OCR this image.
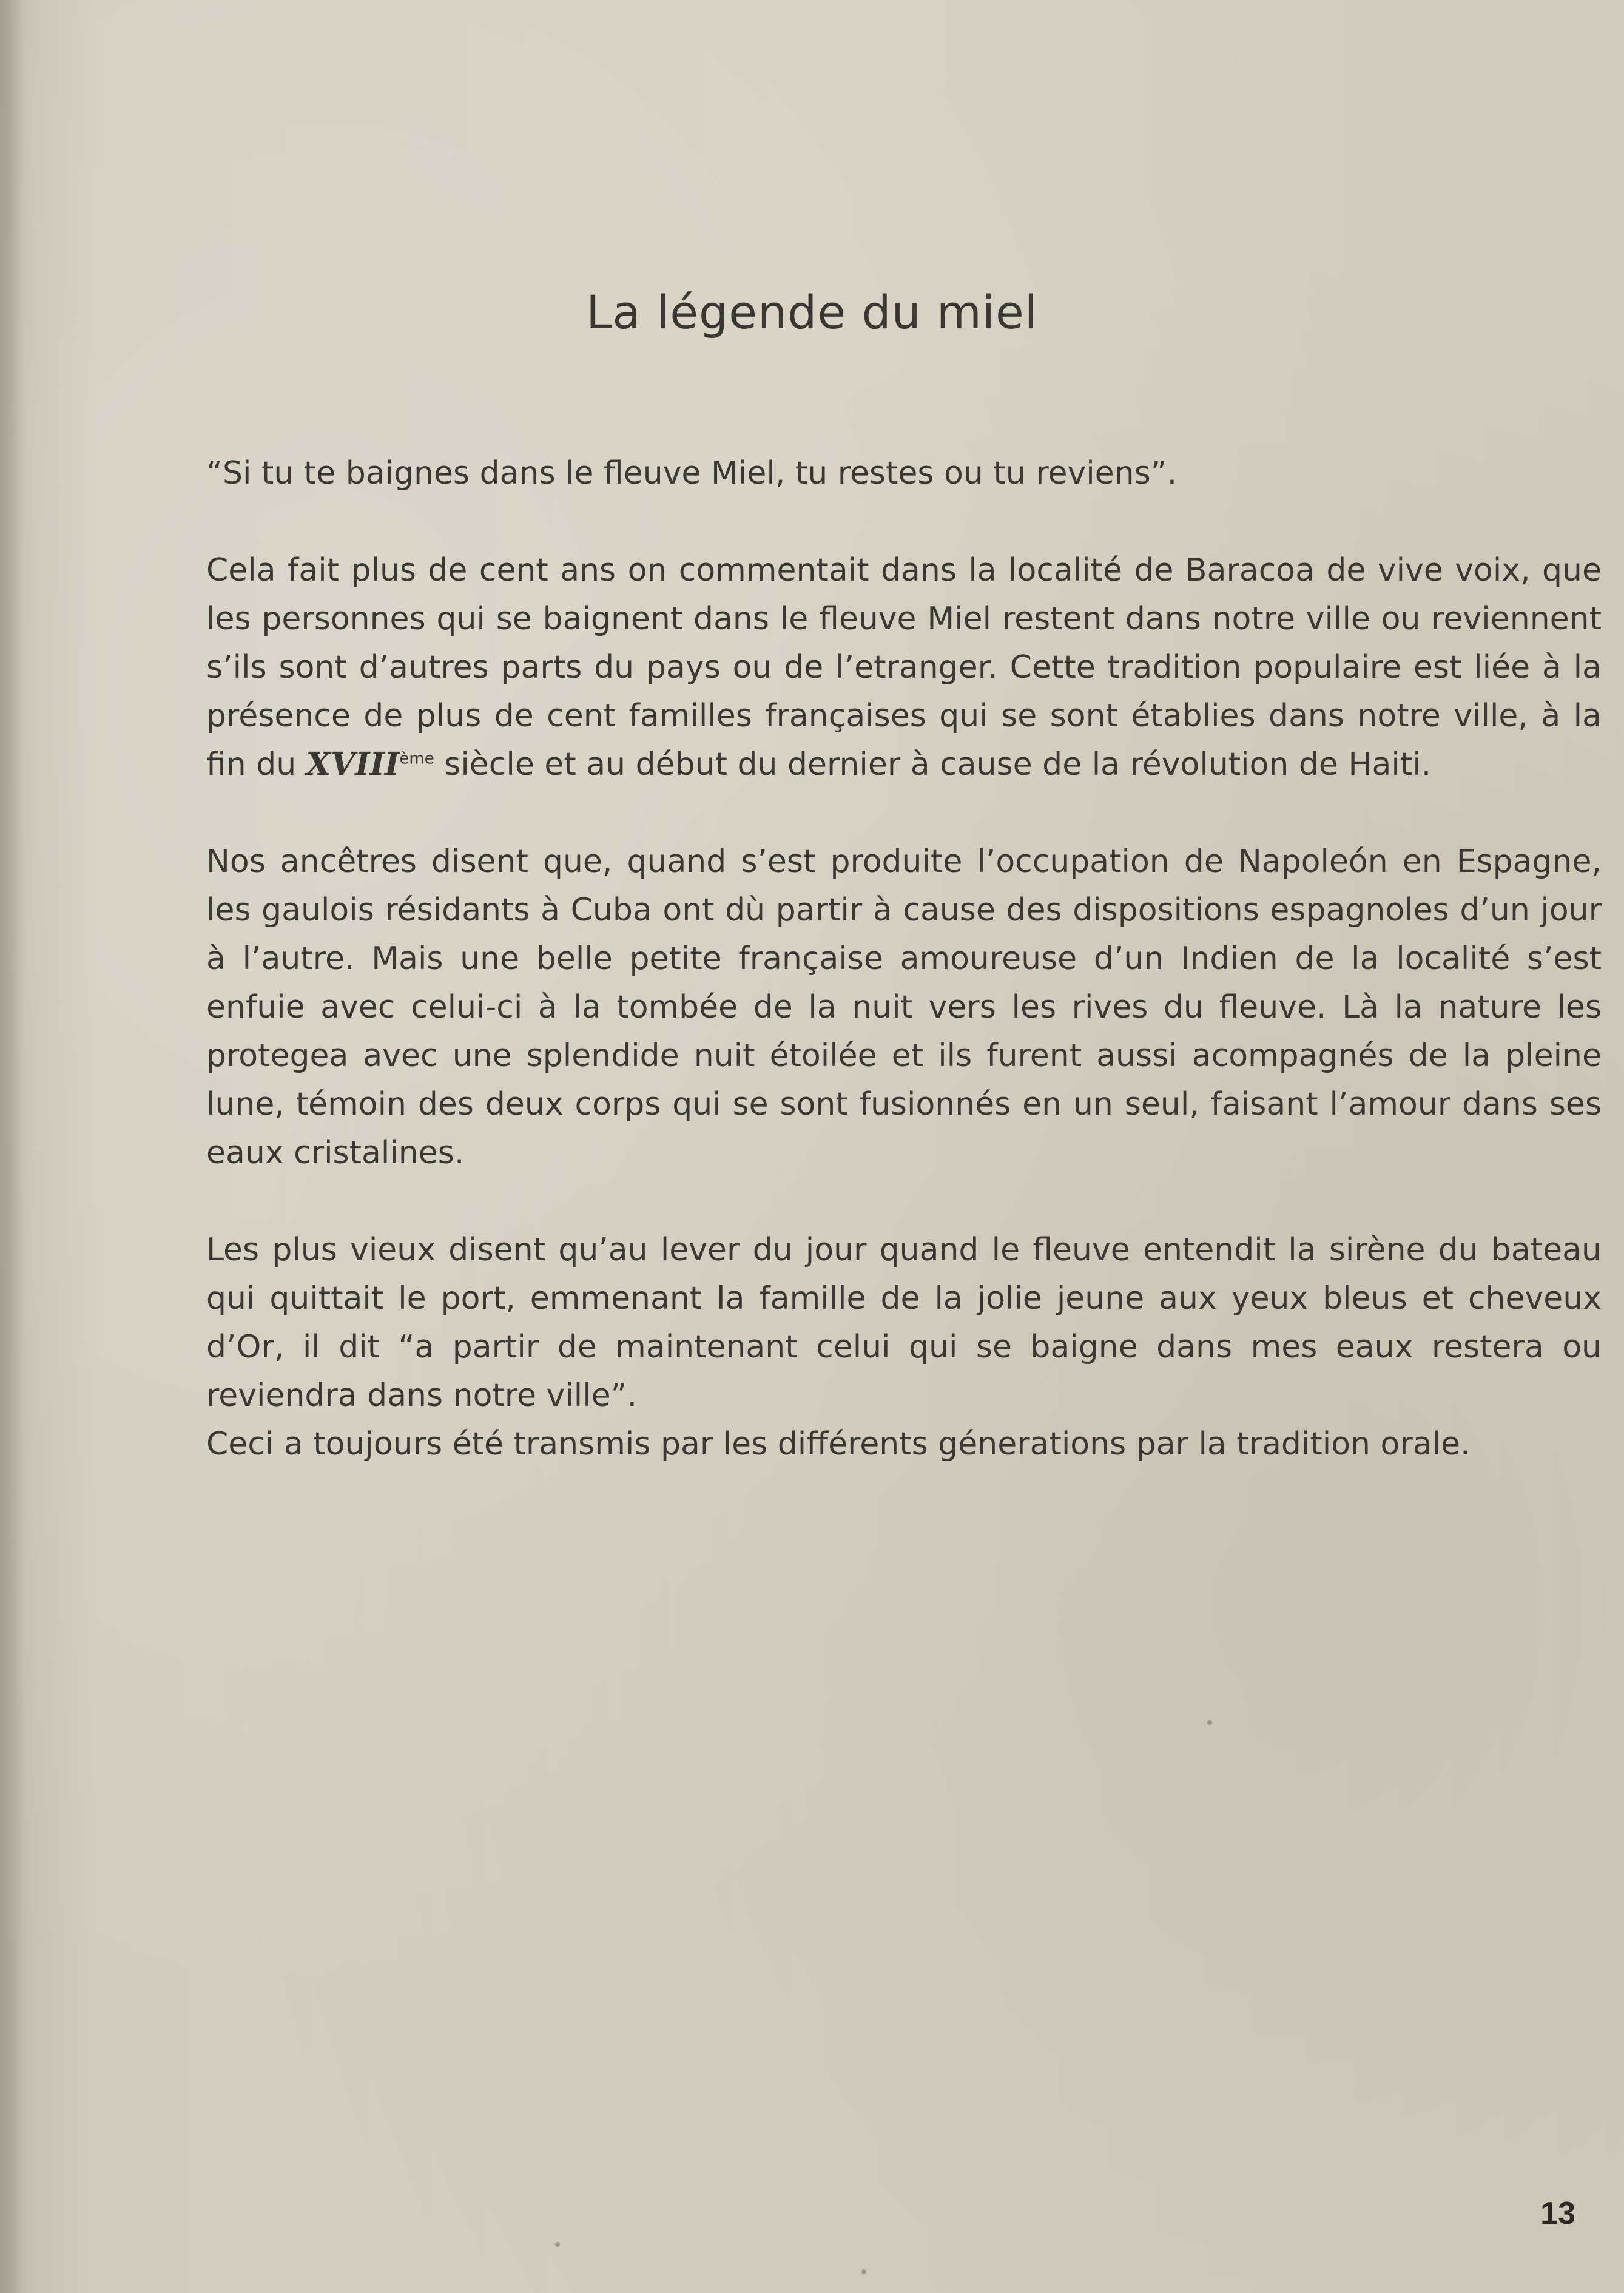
La légende du miel

“Si tu te baignes dans le fleuve Miel, tu restes ou tu reviens”.

Cela fait plus de cent ans on commentait dans la localité de Baracoa de vive voix, que les personnes qui se baignent dans le fleuve Miel restent dans notre ville ou reviennent s’ils sont d’autres parts du pays ou de l’etranger. Cette tradition populaire est liée à la présence de plus de cent familles françaises qui se sont établies dans notre ville, à la fin du XVIIIème siècle et au début du dernier à cause de la révolution de Haiti.

Nos ancêtres disent que, quand s’est produite l’occupation de Napoleón en Espagne, les gaulois résidants à Cuba ont dù partir à cause des dispositions espagnoles d’un jour à l’autre. Mais une belle petite française amoureuse d’un Indien de la localité s’est enfuie avec celui-ci à la tombée de la nuit vers les rives du fleuve. Là la nature les protegea avec une splendide nuit étoilée et ils furent aussi acompagnés de la pleine lune, témoin des deux corps qui se sont fusionnés en un seul, faisant l’amour dans ses eaux cristalines.

Les plus vieux disent qu’au lever du jour quand le fleuve entendit la sirène du bateau qui quittait le port, emmenant la famille de la jolie jeune aux yeux bleus et cheveux d’Or, il dit “a partir de maintenant celui qui se baigne dans mes eaux restera ou reviendra dans notre ville”.

Ceci a toujours été transmis par les différents génerations par la tradition orale.

13
